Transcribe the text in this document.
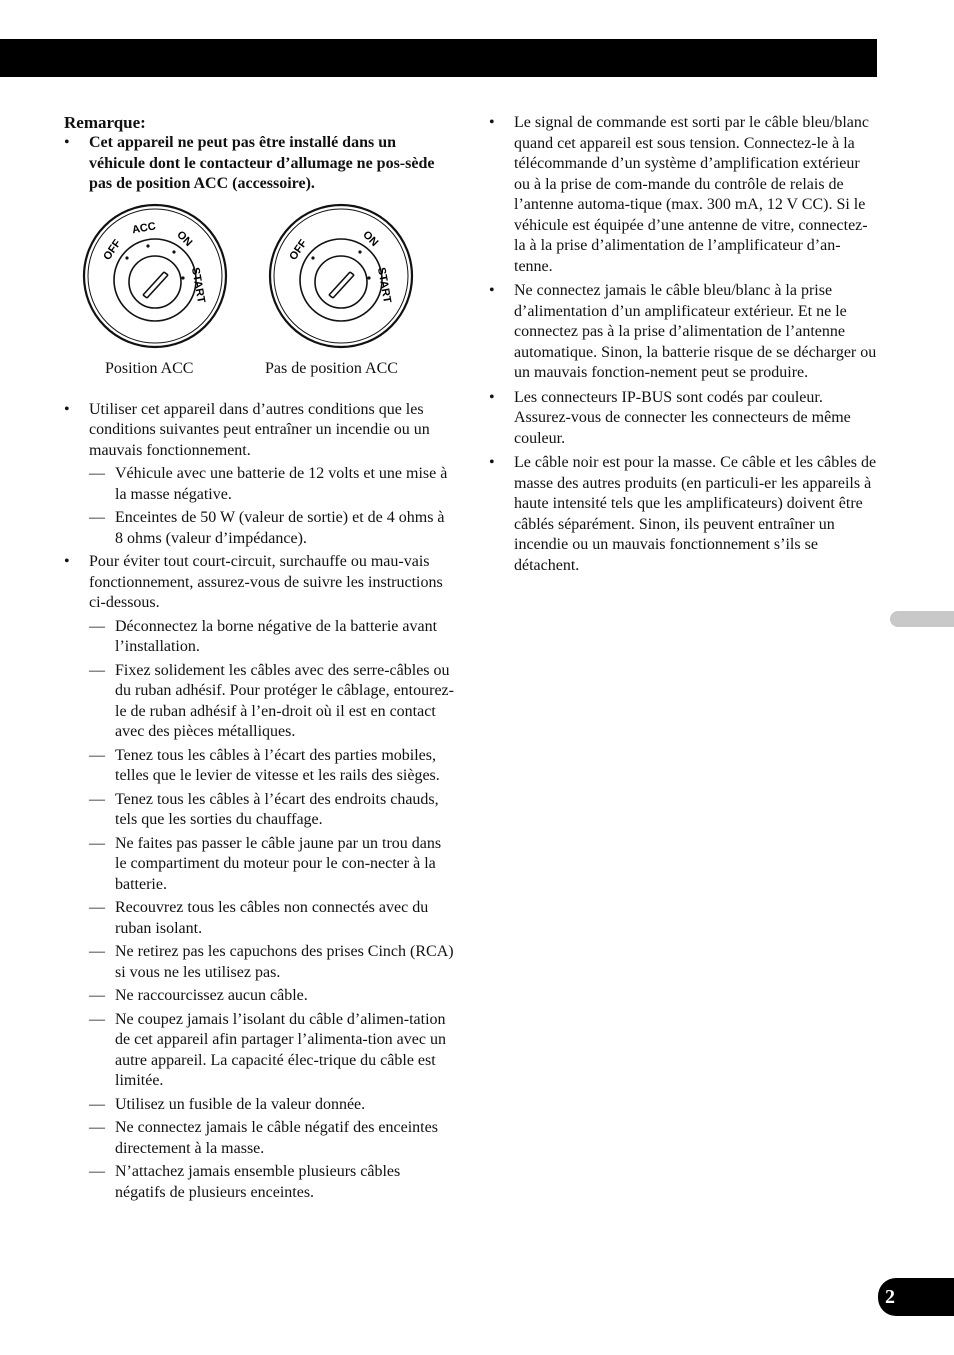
2

Remarque:

• Cet appareil ne peut pas être installé dans un véhicule dont le contacteur d’allumage ne pos-sède pas de position ACC (accessoire).
OFF
ACC
ON
START
OFF	ON
START
Position ACC	Pas de position ACC
• Utiliser cet appareil dans d’autres conditions que les conditions suivantes peut entraîner un incendie ou un mauvais fonctionnement.
— Véhicule avec une batterie de 12 volts et une mise à la masse négative.
— Enceintes de 50 W (valeur de sortie) et de 4 ohms à 8 ohms (valeur d’impédance).
• Pour éviter tout court-circuit, surchauffe ou mau-vais fonctionnement, assurez-vous de suivre les instructions ci-dessous.
— Déconnectez la borne négative de la batterie avant l’installation.
— Fixez solidement les câbles avec des serre-câbles ou du ruban adhésif. Pour protéger le câblage, entourez-le de ruban adhésif à l’en-droit où il est en contact avec des pièces métalliques.
— Tenez tous les câbles à l’écart des parties mobiles, telles que le levier de vitesse et les rails des sièges.
— Tenez tous les câbles à l’écart des endroits chauds, tels que les sorties du chauffage.
— Ne faites pas passer le câble jaune par un trou dans le compartiment du moteur pour le con-necter à la batterie.
— Recouvrez tous les câbles non connectés avec du ruban isolant.
— Ne retirez pas les capuchons des prises Cinch (RCA) si vous ne les utilisez pas.
— Ne raccourcissez aucun câble.
— Ne coupez jamais l’isolant du câble d’alimen-tation de cet appareil afin partager l’alimenta-tion avec un autre appareil. La capacité élec-trique du câble est limitée.
— Utilisez un fusible de la valeur donnée.
— Ne connectez jamais le câble négatif des enceintes directement à la masse.
— N’attachez jamais ensemble plusieurs câbles négatifs de plusieurs enceintes.
• Le signal de commande est sorti par le câble bleu/blanc quand cet appareil est sous tension. Connectez-le à la télécommande d’un système d’amplification extérieur ou à la prise de com-mande du contrôle de relais de l’antenne automa-tique (max. 300 mA, 12 V CC). Si le véhicule est équipée d’une antenne de vitre, connectez-la à la prise d’alimentation de l’amplificateur d’an-tenne.
• Ne connectez jamais le câble bleu/blanc à la prise d’alimentation d’un amplificateur extérieur. Et ne le connectez pas à la prise d’alimentation de l’antenne automatique. Sinon, la batterie risque de se décharger ou un mauvais fonction-nement peut se produire.
• Les connecteurs IP-BUS sont codés par couleur. Assurez-vous de connecter les connecteurs de même couleur.
• Le câble noir est pour la masse. Ce câble et les câbles de masse des autres produits (en particuli-er les appareils à haute intensité tels que les amplificateurs) doivent être câblés séparément. Sinon, ils peuvent entraîner un incendie ou un mauvais fonctionnement s’ils se détachent.
